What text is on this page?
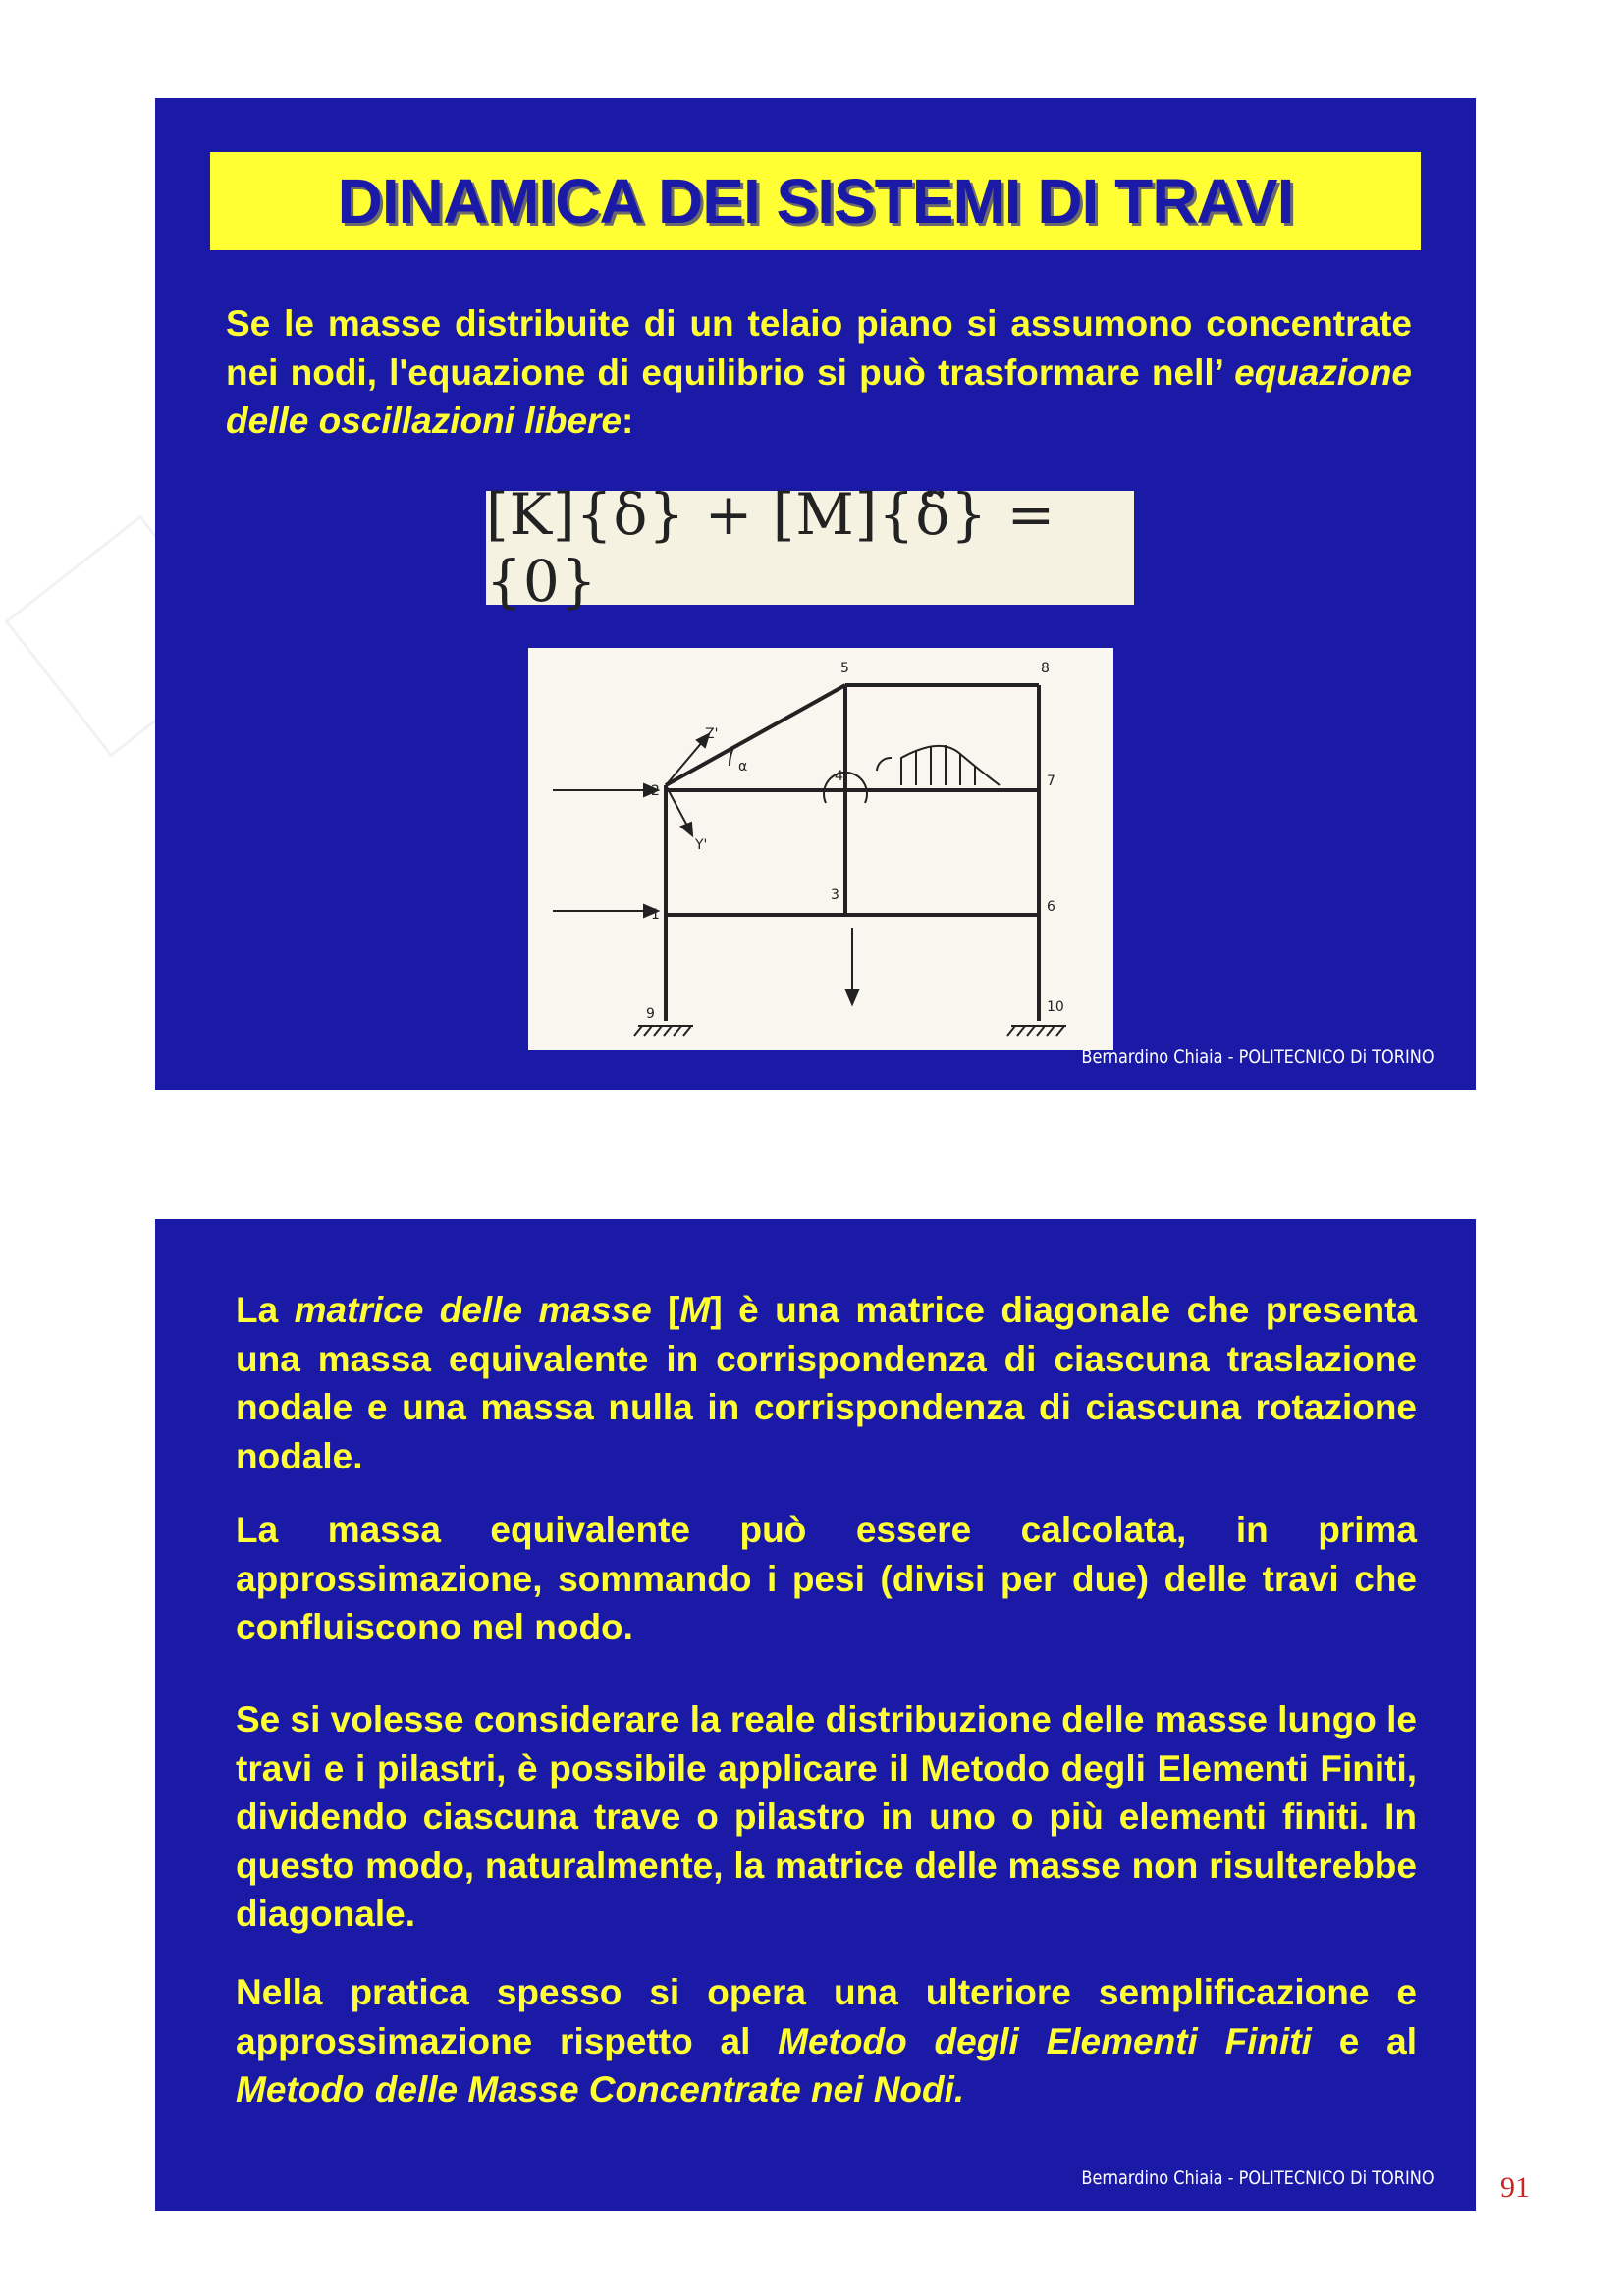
DINAMICA DEI SISTEMI DI TRAVI
Se le masse distribuite di un telaio piano si assumono concentrate nei nodi, l'equazione di equilibrio si può trasformare nell’ equazione delle oscillazioni libere:
[K]{δ} + [M]{δ̈} = {0}
2
1
3
4
5
6
7
8
9	10
Z'
Y'
α
Bernardino Chiaia - POLITECNICO Di TORINO
La matrice delle masse [M] è una matrice diagonale che presenta una massa equivalente in corrispondenza di ciascuna traslazione nodale e una massa nulla in corrispondenza di ciascuna rotazione nodale.
La massa equivalente può essere calcolata, in prima approssimazione, sommando i pesi (divisi per due) delle travi che confluiscono nel nodo.
Se si volesse considerare la reale distribuzione delle masse lungo le travi e i pilastri, è possibile applicare il Metodo degli Elementi Finiti, dividendo ciascuna trave o pilastro in uno o più elementi finiti. In questo modo, naturalmente, la matrice delle masse non risulterebbe diagonale.
Nella pratica spesso si opera una ulteriore semplificazione e approssimazione rispetto al Metodo degli Elementi Finiti e al Metodo delle Masse Concentrate nei Nodi.
Bernardino Chiaia - POLITECNICO Di TORINO 91
